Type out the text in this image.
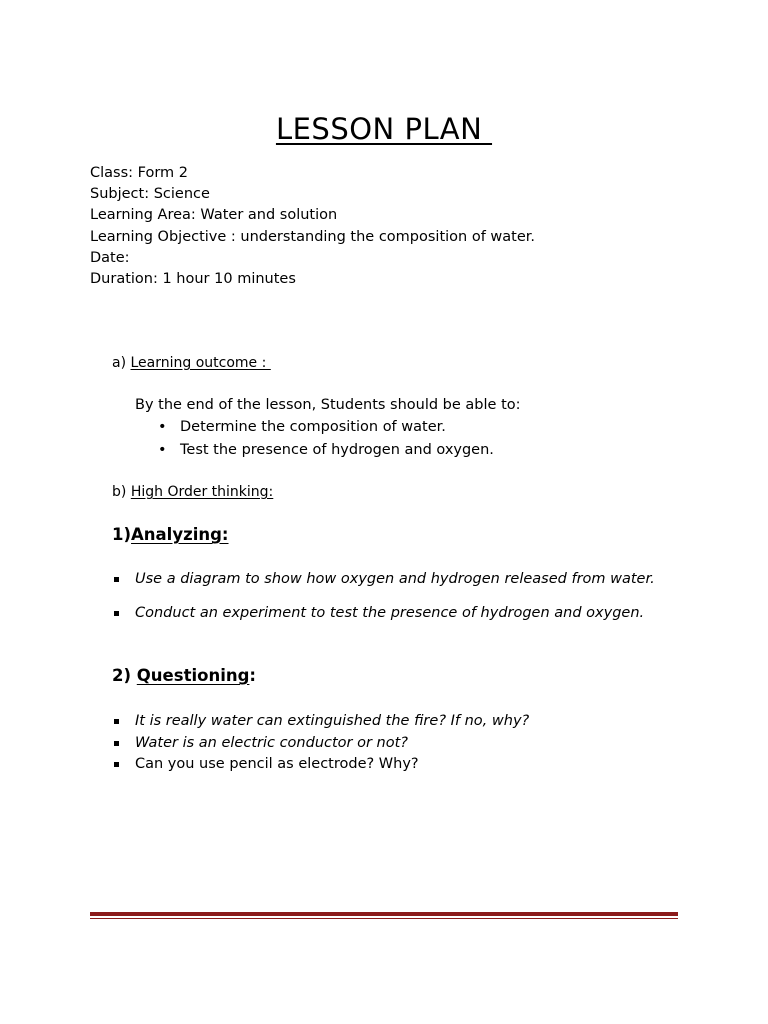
LESSON PLAN
Class: Form 2
Subject: Science
Learning Area: Water and solution
Learning Objective : understanding the composition of water.
Date:
Duration: 1 hour 10 minutes
a) Learning outcome :
By the end of the lesson, Students should be able to:
• Determine the composition of water.
• Test the presence of hydrogen and oxygen.
b) High Order thinking:
1)Analyzing:
Use a diagram to show how oxygen and hydrogen released from water.
Conduct an experiment to test the presence of hydrogen and oxygen.
2) Questioning:
It is really water can extinguished the fire? If no, why?
Water is an electric conductor or not?
Can you use pencil as electrode? Why?
